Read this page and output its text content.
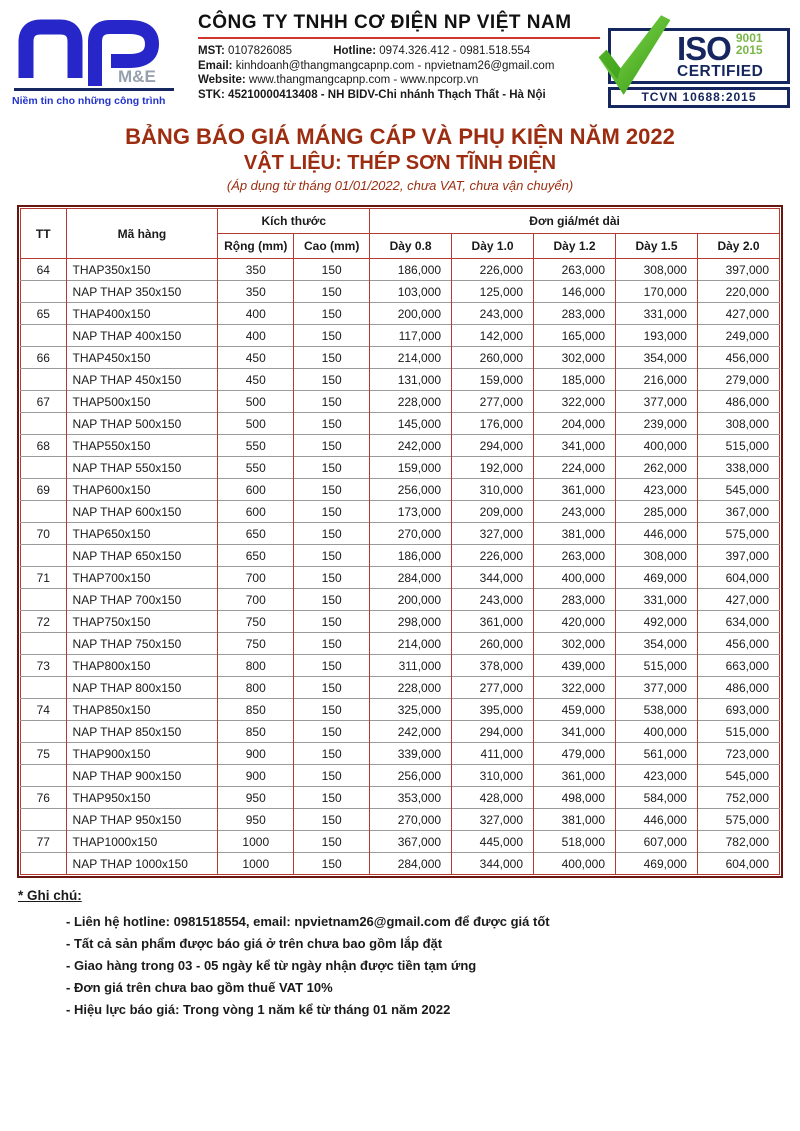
M&E
Niềm tin cho những công trình
CÔNG TY TNHH CƠ ĐIỆN NP VIỆT NAM
MST: 0107826085	Hotline: 0974.326.412 - 0981.518.554
Email: kinhdoanh@thangmangcapnp.com - npvietnam26@gmail.com
Website: www.thangmangcapnp.com - www.npcorp.vn
STK: 45210000413408 - NH BIDV-Chi nhánh Thạch Thất - Hà Nội
ISO 9001
2015
CERTIFIED
TCVN 10688:2015
BẢNG BÁO GIÁ MÁNG CÁP VÀ PHỤ KIỆN NĂM 2022
VẬT LIỆU: THÉP SƠN TĨNH ĐIỆN
(Áp dụng từ tháng 01/01/2022, chưa VAT, chưa vận chuyển)
TT	Mã hàng	Kích thước		Đơn giá/mét dài				
		Rộng (mm)	Cao (mm)	Dày 0.8	Dày 1.0	Dày 1.2	Dày 1.5	Dày 2.0
64	THAP350x150	350	150	186,000	226,000	263,000	308,000	397,000
	NAP THAP 350x150	350	150	103,000	125,000	146,000	170,000	220,000
65	THAP400x150	400	150	200,000	243,000	283,000	331,000	427,000
	NAP THAP 400x150	400	150	117,000	142,000	165,000	193,000	249,000
66	THAP450x150	450	150	214,000	260,000	302,000	354,000	456,000
	NAP THAP 450x150	450	150	131,000	159,000	185,000	216,000	279,000
67	THAP500x150	500	150	228,000	277,000	322,000	377,000	486,000
	NAP THAP 500x150	500	150	145,000	176,000	204,000	239,000	308,000
68	THAP550x150	550	150	242,000	294,000	341,000	400,000	515,000
	NAP THAP 550x150	550	150	159,000	192,000	224,000	262,000	338,000
69	THAP600x150	600	150	256,000	310,000	361,000	423,000	545,000
	NAP THAP 600x150	600	150	173,000	209,000	243,000	285,000	367,000
70	THAP650x150	650	150	270,000	327,000	381,000	446,000	575,000
	NAP THAP 650x150	650	150	186,000	226,000	263,000	308,000	397,000
71	THAP700x150	700	150	284,000	344,000	400,000	469,000	604,000
	NAP THAP 700x150	700	150	200,000	243,000	283,000	331,000	427,000
72	THAP750x150	750	150	298,000	361,000	420,000	492,000	634,000
	NAP THAP 750x150	750	150	214,000	260,000	302,000	354,000	456,000
73	THAP800x150	800	150	311,000	378,000	439,000	515,000	663,000
	NAP THAP 800x150	800	150	228,000	277,000	322,000	377,000	486,000
74	THAP850x150	850	150	325,000	395,000	459,000	538,000	693,000
	NAP THAP 850x150	850	150	242,000	294,000	341,000	400,000	515,000
75	THAP900x150	900	150	339,000	411,000	479,000	561,000	723,000
	NAP THAP 900x150	900	150	256,000	310,000	361,000	423,000	545,000
76	THAP950x150	950	150	353,000	428,000	498,000	584,000	752,000
	NAP THAP 950x150	950	150	270,000	327,000	381,000	446,000	575,000
77	THAP1000x150	1000	150	367,000	445,000	518,000	607,000	782,000
	NAP THAP 1000x150	1000	150	284,000	344,000	400,000	469,000	604,000
* Ghi chú:
- Liên hệ hotline: 0981518554, email: npvietnam26@gmail.com để được giá tốt
- Tất cả sản phẩm được báo giá ở trên chưa bao gồm lắp đặt
- Giao hàng trong 03 - 05 ngày kể từ ngày nhận được tiền tạm ứng
- Đơn giá trên chưa bao gồm thuế VAT 10%
- Hiệu lực báo giá: Trong vòng 1 năm kể từ tháng 01 năm 2022
